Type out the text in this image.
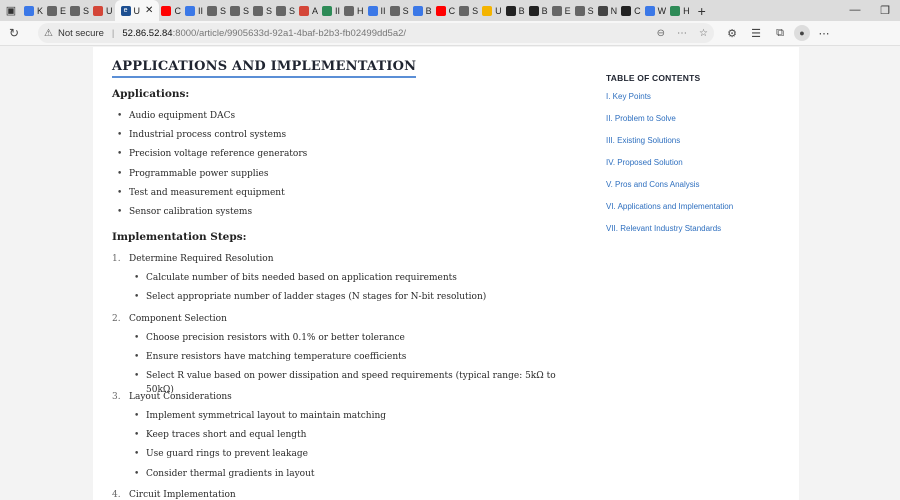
▣	K E S U	e U ✕ C II S S S S A II H II S B C S U B B E S N C W H +	—	❐
↻	⚠ Not secure | 52.86.52.84 :8000/article/9905633d-92a1-4baf-b2b3-fb02499dd5a2/	⊖ ⋯ ☆	⚙	☰	⧉	●	⋯
APPLICATIONS AND IMPLEMENTATION
Applications:
• Audio equipment DACs
• Industrial process control systems
• Precision voltage reference generators
• Programmable power supplies
• Test and measurement equipment
• Sensor calibration systems
Implementation Steps:
1. Determine Required Resolution
• Calculate number of bits needed based on application requirements
• Select appropriate number of ladder stages (N stages for N-bit resolution)
2. Component Selection
• Choose precision resistors with 0.1% or better tolerance
• Ensure resistors have matching temperature coefficients
• Select R value based on power dissipation and speed requirements (typical range: 5kΩ to 50kΩ)
3. Layout Considerations
• Implement symmetrical layout to maintain matching
• Keep traces short and equal length
• Use guard rings to prevent leakage
• Consider thermal gradients in layout
4. Circuit Implementation
TABLE OF CONTENTS
I. Key Points
II. Problem to Solve
III. Existing Solutions
IV. Proposed Solution
V. Pros and Cons Analysis
VI. Applications and Implementation
VII. Relevant Industry Standards
